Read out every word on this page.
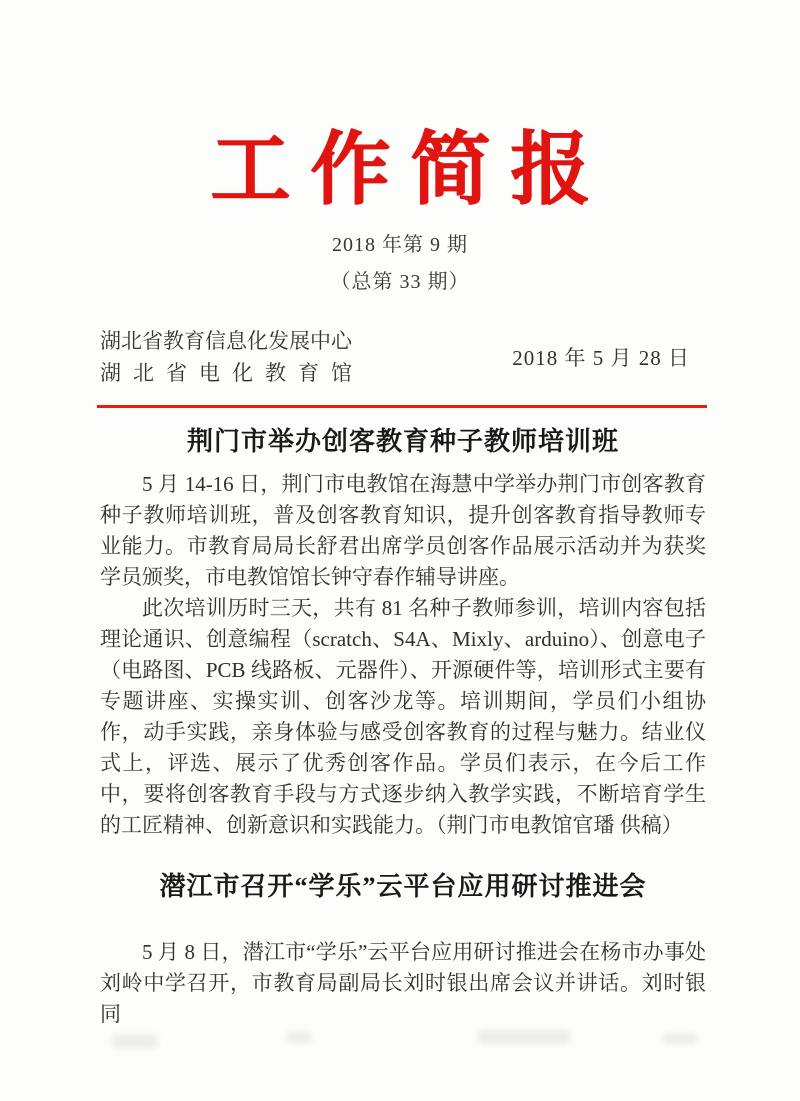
工 作 简 报
2018 年第 9 期
（总第 33 期）
湖北省教育信息化发展中心
湖 北 省 电 化 教 育 馆
2018 年 5 月 28 日
荆门市举办创客教育种子教师培训班

5 月 14-16 日，荆门市电教馆在海慧中学举办荆门市创客教育种子教师培训班，普及创客教育知识，提升创客教育指导教师专业能力。市教育局局长舒君出席学员创客作品展示活动并为获奖学员颁奖，市电教馆馆长钟守春作辅导讲座。

此次培训历时三天，共有 81 名种子教师参训，培训内容包括理论通识、创意编程（scratch、S4A、Mixly、arduino）、创意电子（电路图、PCB 线路板、元器件）、开源硬件等，培训形式主要有专题讲座、实操实训、创客沙龙等。培训期间，学员们小组协作，动手实践，亲身体验与感受创客教育的过程与魅力。结业仪式上，评选、展示了优秀创客作品。学员们表示，在今后工作中，要将创客教育手段与方式逐步纳入教学实践，不断培育学生的工匠精神、创新意识和实践能力。（荆门市电教馆官璠 供稿）

潜江市召开“学乐”云平台应用研讨推进会

5 月 8 日，潜江市“学乐”云平台应用研讨推进会在杨市办事处刘岭中学召开，市教育局副局长刘时银出席会议并讲话。刘时银同
